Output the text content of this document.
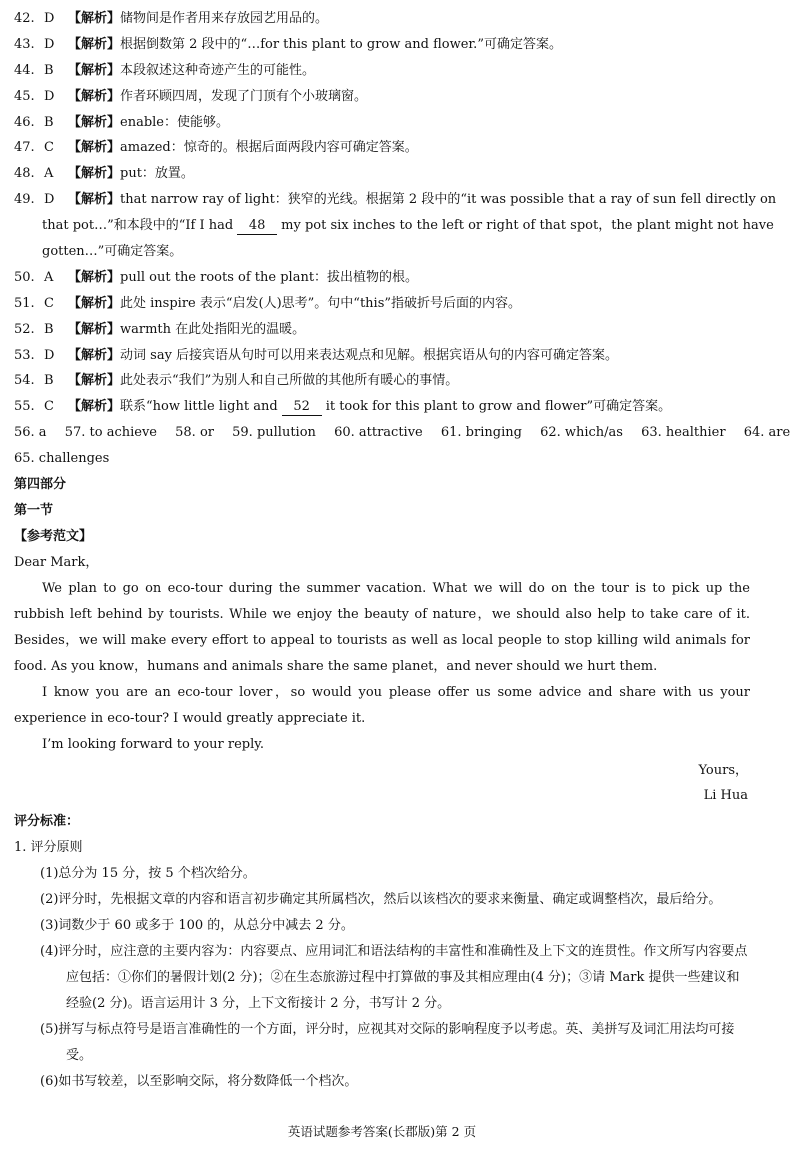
42. D 【解析】储物间是作者用来存放园艺用品的。
43. D 【解析】根据倒数第 2 段中的“…for this plant to grow and flower.”可确定答案。
44. B 【解析】本段叙述这种奇迹产生的可能性。
45. D 【解析】作者环顾四周，发现了门顶有个小玻璃窗。
46. B 【解析】enable：使能够。
47. C 【解析】amazed：惊奇的。根据后面两段内容可确定答案。
48. A 【解析】put：放置。
49. D 【解析】that narrow ray of light：狭窄的光线。根据第 2 段中的“it was possible that a ray of sun fell directly on
that pot…”和本段中的“If I had 48 my pot six inches to the left or right of that spot，the plant might not have
gotten…”可确定答案。
50. A 【解析】pull out the roots of the plant：拔出植物的根。
51. C 【解析】此处 inspire 表示“启发(人)思考”。句中“this”指破折号后面的内容。
52. B 【解析】warmth 在此处指阳光的温暖。
53. D 【解析】动词 say 后接宾语从句时可以用来表达观点和见解。根据宾语从句的内容可确定答案。
54. B 【解析】此处表示“我们”为别人和自己所做的其他所有暖心的事情。
55. C 【解析】联系“how little light and 52 it took for this plant to grow and flower”可确定答案。
56. a 57. to achieve 58. or 59. pullution 60. attractive 61. bringing 62. which/as 63. healthier 64. are
65. challenges
第四部分
第一节
【参考范文】

Dear Mark，

We plan to go on eco-tour during the summer vacation. What we will do on the tour is to pick up the rubbish left behind by tourists. While we enjoy the beauty of nature，we should also help to take care of it. Besides，we will make every effort to appeal to tourists as well as local people to stop killing wild animals for food. As you know，humans and animals share the same planet，and never should we hurt them.

I know you are an eco-tour lover，so would you please offer us some advice and share with us your experience in eco-tour? I would greatly appreciate it.

I’m looking forward to your reply.

Yours，
Li Hua
评分标准：
1. 评分原则
(1)总分为 15 分，按 5 个档次给分。
(2)评分时，先根据文章的内容和语言初步确定其所属档次，然后以该档次的要求来衡量、确定或调整档次，最后给分。
(3)词数少于 60 或多于 100 的，从总分中减去 2 分。
(4)评分时，应注意的主要内容为：内容要点、应用词汇和语法结构的丰富性和准确性及上下文的连贯性。作文所写内容要点应包括：①你们的暑假计划(2 分)；②在生态旅游过程中打算做的事及其相应理由(4 分)；③请 Mark 提供一些建议和经验(2 分)。语言运用计 3 分，上下文衔接计 2 分，书写计 2 分。
(5)拼写与标点符号是语言准确性的一个方面，评分时，应视其对交际的影响程度予以考虑。英、美拼写及词汇用法均可接受。
(6)如书写较差，以至影响交际，将分数降低一个档次。
英语试题参考答案(长郡版)第 2 页
